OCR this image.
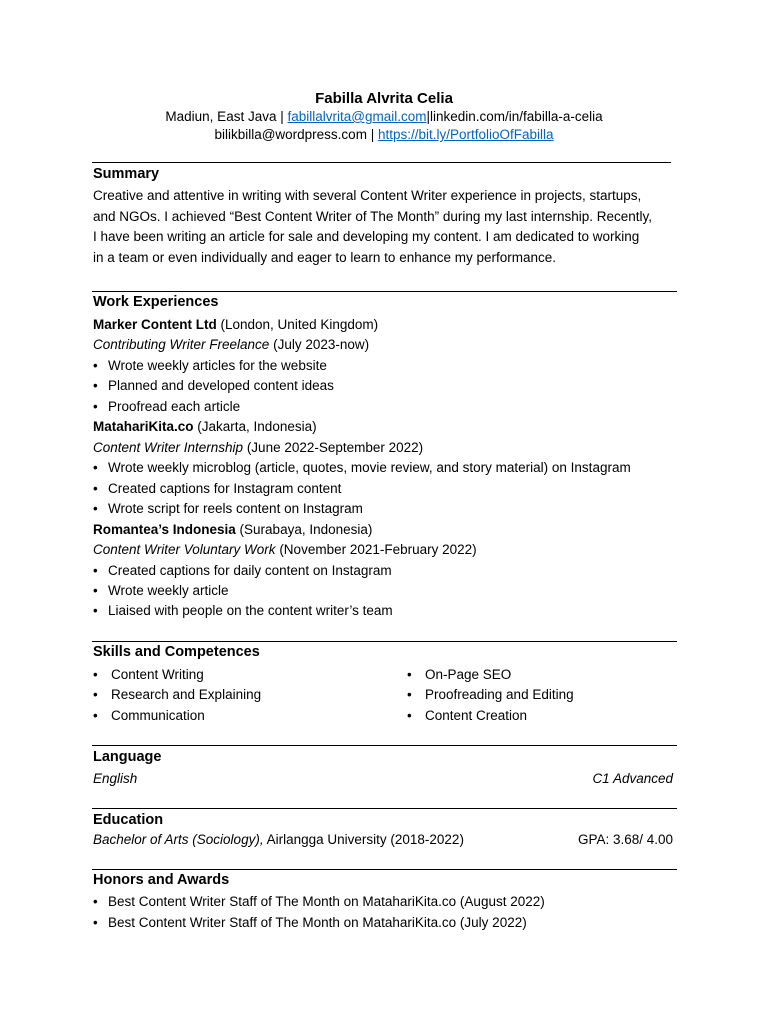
Fabilla Alvrita Celia
Madiun, East Java | fabillalvrita@gmail.com|linkedin.com/in/fabilla-a-celia
bilikbilla@wordpress.com | https://bit.ly/PortfolioOfFabilla
Summary
Creative and attentive in writing with several Content Writer experience in projects, startups,
and NGOs. I achieved “Best Content Writer of The Month” during my last internship. Recently,
I have been writing an article for sale and developing my content. I am dedicated to working
in a team or even individually and eager to learn to enhance my performance.
Work Experiences
Marker Content Ltd (London, United Kingdom)
Contributing Writer Freelance (July 2023-now)
• Wrote weekly articles for the website
• Planned and developed content ideas
• Proofread each article
MatahariKita.co (Jakarta, Indonesia)
Content Writer Internship (June 2022-September 2022)
• Wrote weekly microblog (article, quotes, movie review, and story material) on Instagram
• Created captions for Instagram content
• Wrote script for reels content on Instagram
Romantea’s Indonesia (Surabaya, Indonesia)
Content Writer Voluntary Work (November 2021-February 2022)
• Created captions for daily content on Instagram
• Wrote weekly article
• Liaised with people on the content writer’s team
Skills and Competences
• Content Writing
• Research and Explaining
• Communication
• On-Page SEO
• Proofreading and Editing
• Content Creation
Language
English	C1 Advanced
Education
Bachelor of Arts (Sociology), Airlangga University (2018-2022)	GPA: 3.68/ 4.00
Honors and Awards
• Best Content Writer Staff of The Month on MatahariKita.co (August 2022)
• Best Content Writer Staff of The Month on MatahariKita.co (July 2022)
